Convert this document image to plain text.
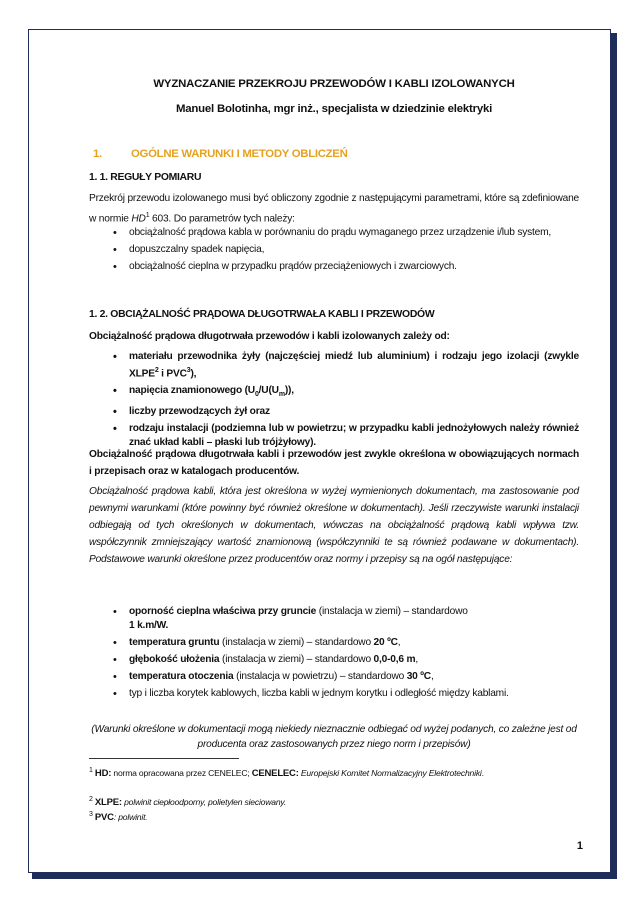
WYZNACZANIE PRZEKROJU PRZEWODÓW I KABLI IZOLOWANYCH
Manuel Bolotinha, mgr inż., specjalista w dziedzinie elektryki
1.	OGÓLNE WARUNKI I METODY OBLICZEŃ
1. 1. REGUŁY POMIARU
Przekrój przewodu izolowanego musi być obliczony zgodnie z następującymi parametrami, które są zdefiniowane w normie $HD^1$ 603. Do parametrów tych należy:
• obciążalność prądowa kabla w porównaniu do prądu wymaganego przez urządzenie i/lub system,
• dopuszczalny spadek napięcia,
• obciążalność cieplna w przypadku prądów przeciążeniowych i zwarciowych.
1. 2. OBCIĄŻALNOŚĆ PRĄDOWA DŁUGOTRWAŁA KABLI I PRZEWODÓW
Obciążalność prądowa długotrwała przewodów i kabli izolowanych zależy od:
• materiału przewodnika żyły (najczęściej miedź lub aluminium) i rodzaju jego izolacji (zwykle XLPE$^2$ i PVC$^3$),
• napięcia znamionowego $(U_0/U(U_m))$,
• liczby przewodzących żył oraz
• rodzaju instalacji (podziemna lub w powietrzu; w przypadku kabli jednożyłowych należy również znać układ kabli – płaski lub trójżyłowy).
Obciążalność prądowa długotrwała kabli i przewodów jest zwykle określona w obowiązujących normach i przepisach oraz w katalogach producentów.
Obciążalność prądowa kabli, która jest określona w wyżej wymienionych dokumentach, ma zastosowanie pod pewnymi warunkami (które powinny być również określone w dokumentach). Jeśli rzeczywiste warunki instalacji odbiegają od tych określonych w dokumentach, wówczas na obciążalność prądową kabli wpływa tzw. współczynnik zmniejszający wartość znamionową (współczynniki te są również podawane w dokumentach). Podstawowe warunki określone przez producentów oraz normy i przepisy są na ogół następujące:
• oporność cieplna właściwa przy gruncie (instalacja w ziemi) – standardowo
1 k.m/W.
• temperatura gruntu (instalacja w ziemi) – standardowo 20 ºC,
• głębokość ułożenia (instalacja w ziemi) – standardowo 0,0-0,6 m,
• temperatura otoczenia (instalacja w powietrzu) – standardowo 30 ºC,
• typ i liczba korytek kablowych, liczba kabli w jednym korytku i odległość między kablami.
(Warunki określone w dokumentacji mogą niekiedy nieznacznie odbiegać od wyżej podanych, co zależne jest od producenta oraz zastosowanych przez niego norm i przepisów)
$^1$ HD: norma opracowana przez CENELEC; CENELEC: Europejski Komitet Normalizacyjny Elektrotechniki.
$^2$ XLPE: polwinit ciepłoodporny, polietylen sieciowany.
$^3$ PVC: polwinit.
1
